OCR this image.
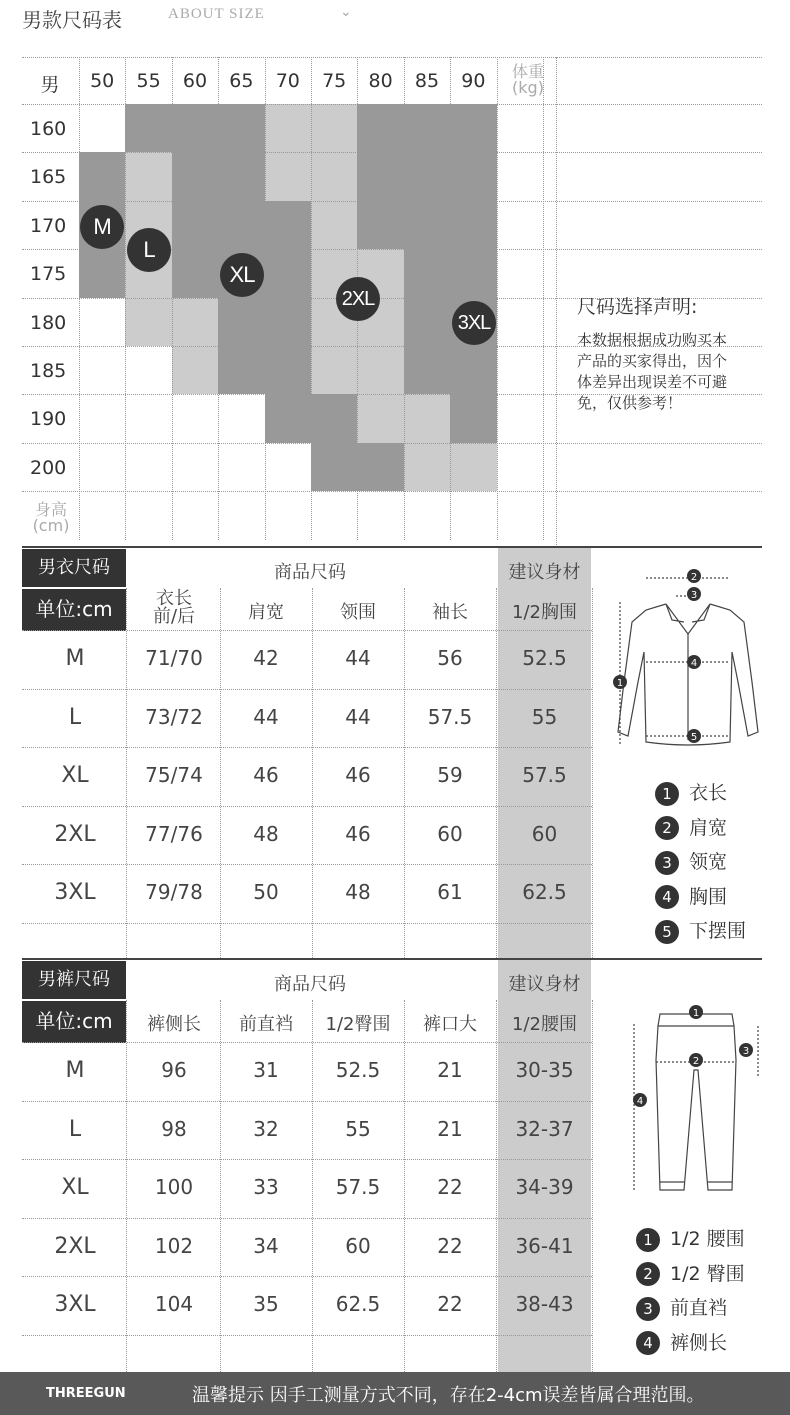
男款尺码表	ABOUT SIZE	⌄
男	50	55	60	65	70	75	80	85	90	体重
(kg)
160
165
170
175
180
185
190
200
身高
(cm)
M
L
XL
2XL
3XL
尺码选择声明:
本数据根据成功购买本产品的买家得出，因个体差异出现误差不可避免，仅供参考！
男衣尺码
单位:cm
商品尺码	建议身材
衣长
前/后	肩宽	领围	袖长	1/2胸围
M	71/70	42	44	56	52.5
L	73/72	44	44	57.5	55
XL	75/74	46	46	59	57.5
2XL	77/76	48	46	60	60
3XL	79/78	50	48	61	62.5
2
3
1
4
5
1 衣长
2 肩宽
3 领宽
4 胸围
5 下摆围
男裤尺码
单位:cm
商品尺码	建议身材
裤侧长	前直裆	1/2臀围	裤口大	1/2腰围
M	96	31	52.5	21	30-35
L	98	32	55	21	32-37
XL	100	33	57.5	22	34-39
2XL	102	34	60	22	36-41
3XL	104	35	62.5	22	38-43
1
2
3
4
1 1/2 腰围
2 1/2 臀围
3 前直裆
4 裤侧长
THREEGUN	温馨提示 因手工测量方式不同，存在2-4cm误差皆属合理范围。
